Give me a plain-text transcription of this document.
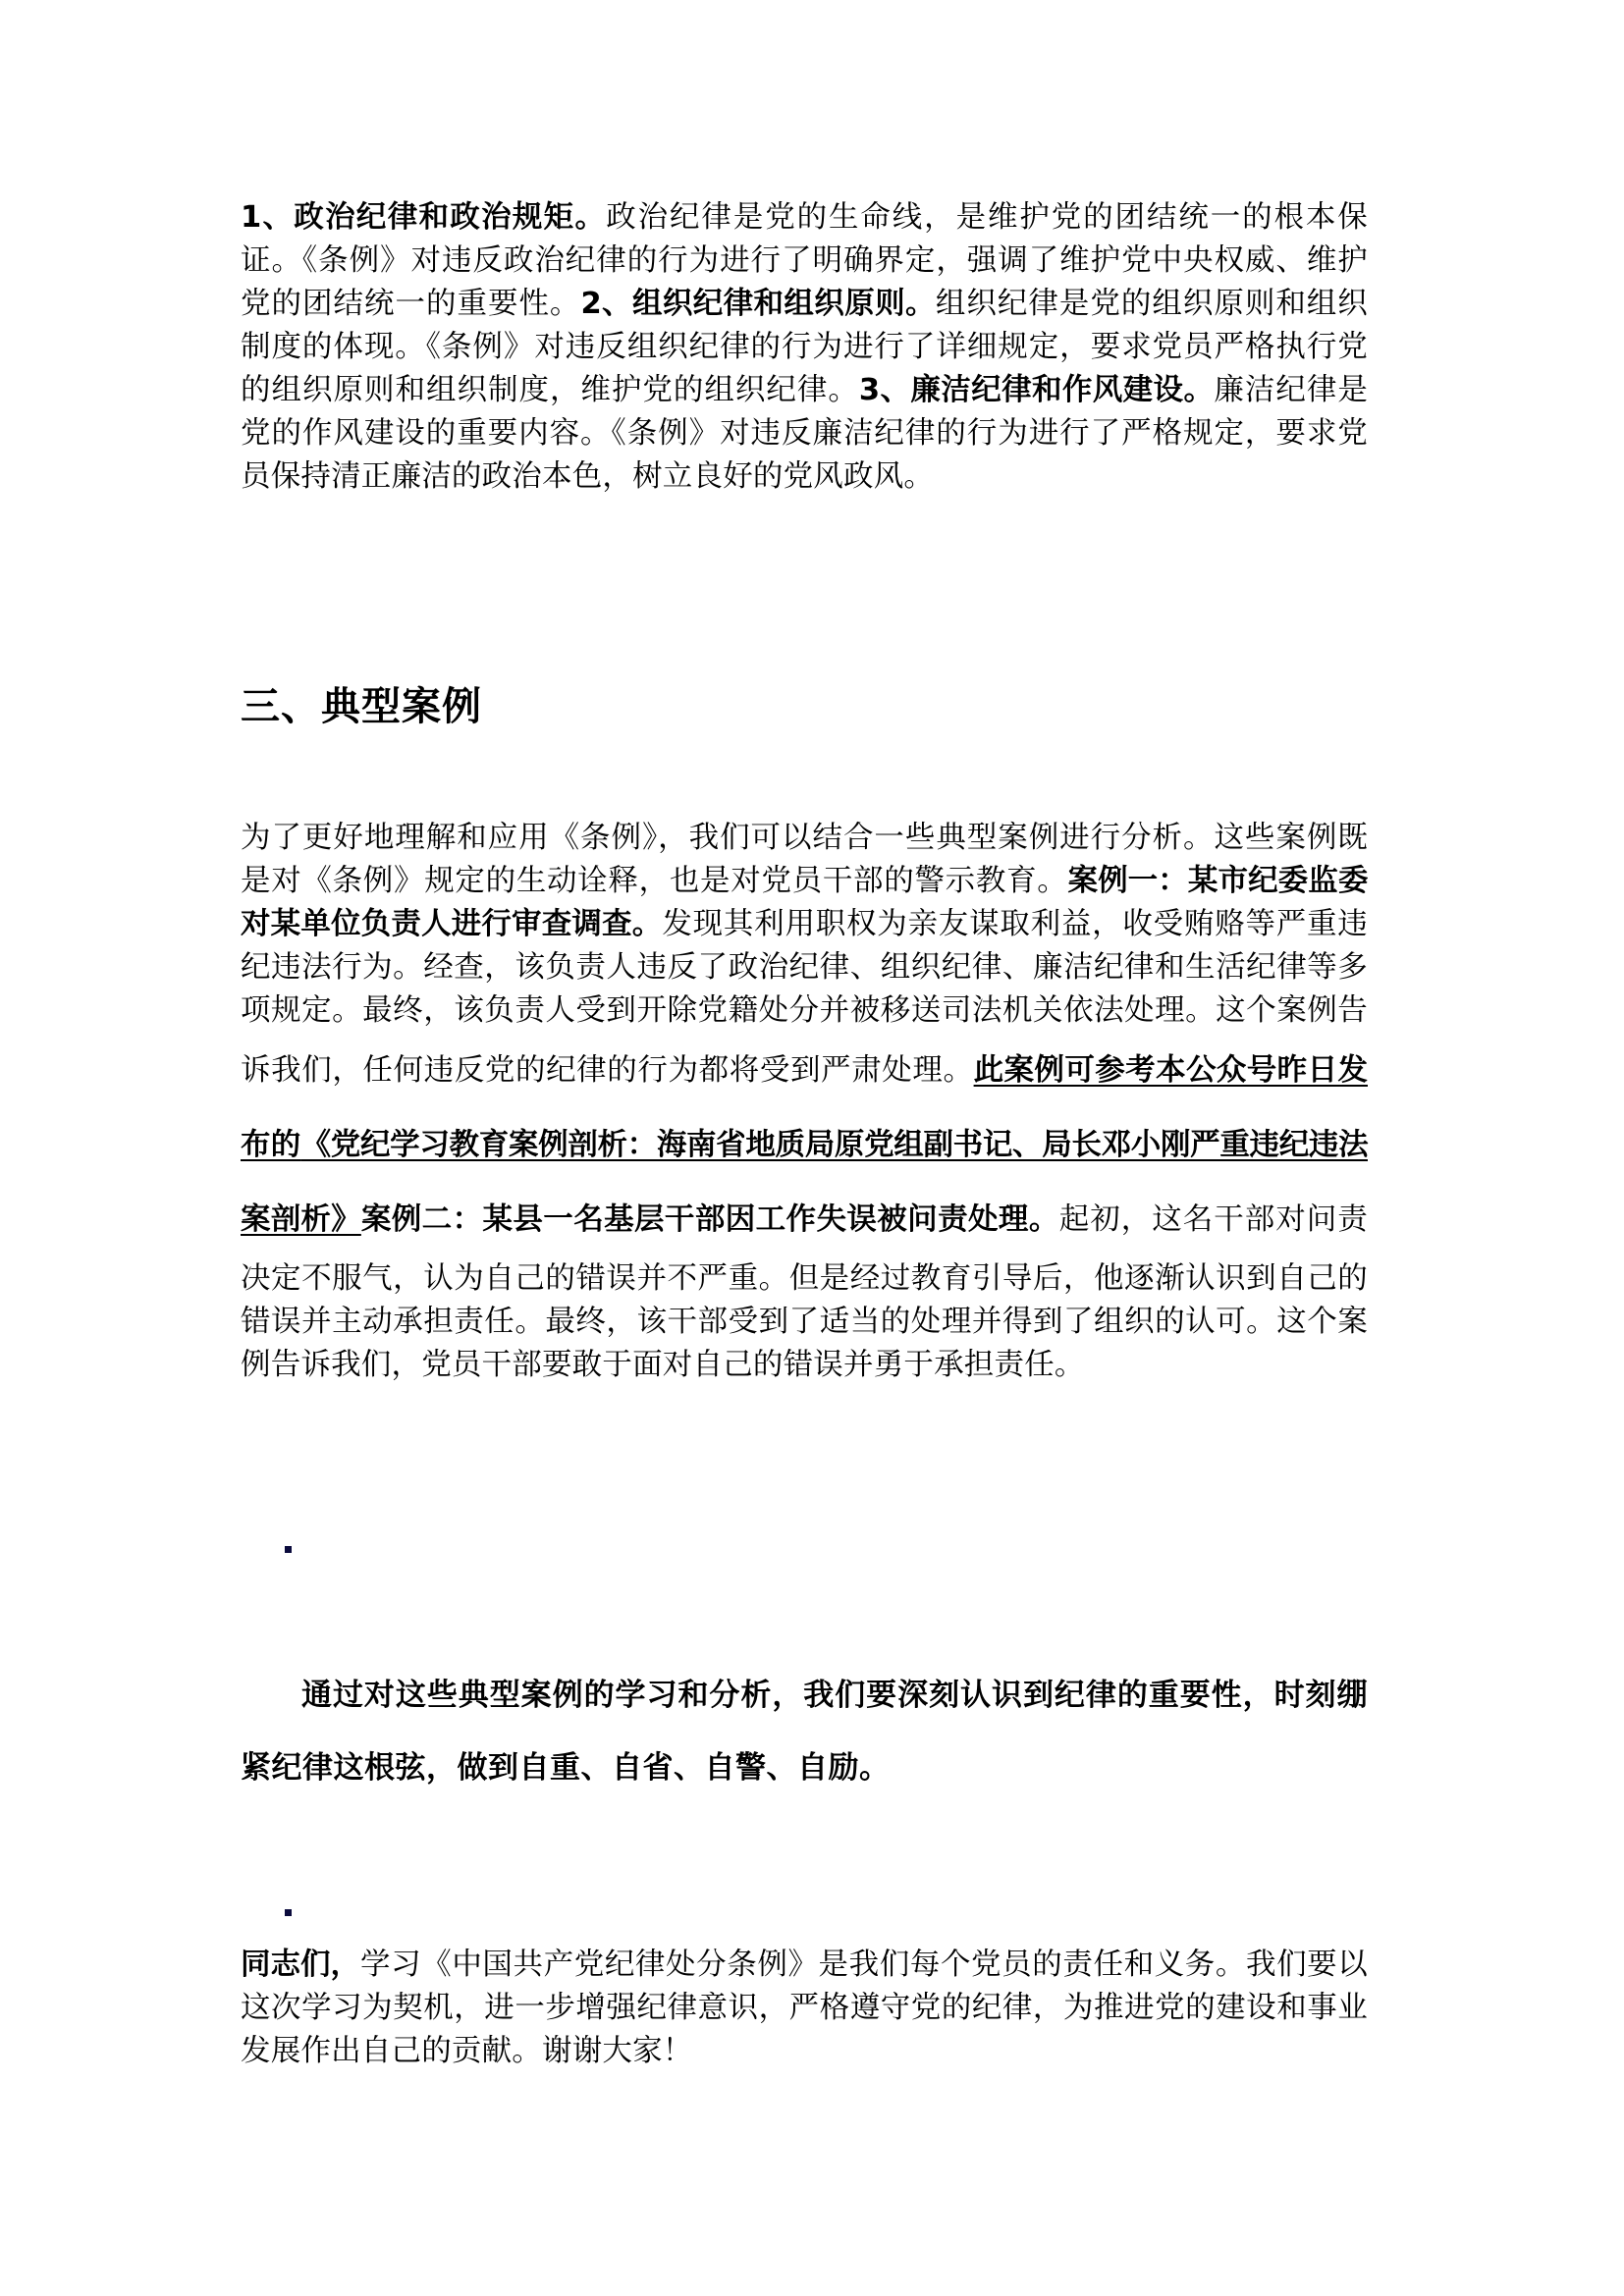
1、政治纪律和政治规矩。政治纪律是党的生命线，是维护党的团结统一的根本保证。《条例》对违反政治纪律的行为进行了明确界定，强调了维护党中央权威、维护党的团结统一的重要性。2、组织纪律和组织原则。组织纪律是党的组织原则和组织制度的体现。《条例》对违反组织纪律的行为进行了详细规定，要求党员严格执行党的组织原则和组织制度，维护党的组织纪律。3、廉洁纪律和作风建设。廉洁纪律是党的作风建设的重要内容。《条例》对违反廉洁纪律的行为进行了严格规定，要求党员保持清正廉洁的政治本色，树立良好的党风政风。

三、典型案例

为了更好地理解和应用《条例》，我们可以结合一些典型案例进行分析。这些案例既是对《条例》规定的生动诠释，也是对党员干部的警示教育。案例一：某市纪委监委对某单位负责人进行审查调查。发现其利用职权为亲友谋取利益，收受贿赂等严重违纪违法行为。经查，该负责人违反了政治纪律、组织纪律、廉洁纪律和生活纪律等多项规定。最终，该负责人受到开除党籍处分并被移送司法机关依法处理。这个案例告诉我们，任何违反党的纪律的行为都将受到严肃处理。此案例可参考本公众号昨日发布的《党纪学习教育案例剖析：海南省地质局原党组副书记、局长邓小刚严重违纪违法案剖析》案例二：某县一名基层干部因工作失误被问责处理。起初，这名干部对问责决定不服气，认为自己的错误并不严重。但是经过教育引导后，他逐渐认识到自己的错误并主动承担责任。最终，该干部受到了适当的处理并得到了组织的认可。这个案例告诉我们，党员干部要敢于面对自己的错误并勇于承担责任。

通过对这些典型案例的学习和分析，我们要深刻认识到纪律的重要性，时刻绷紧纪律这根弦，做到自重、自省、自警、自励。

同志们，学习《中国共产党纪律处分条例》是我们每个党员的责任和义务。我们要以这次学习为契机，进一步增强纪律意识，严格遵守党的纪律，为推进党的建设和事业发展作出自己的贡献。谢谢大家！
